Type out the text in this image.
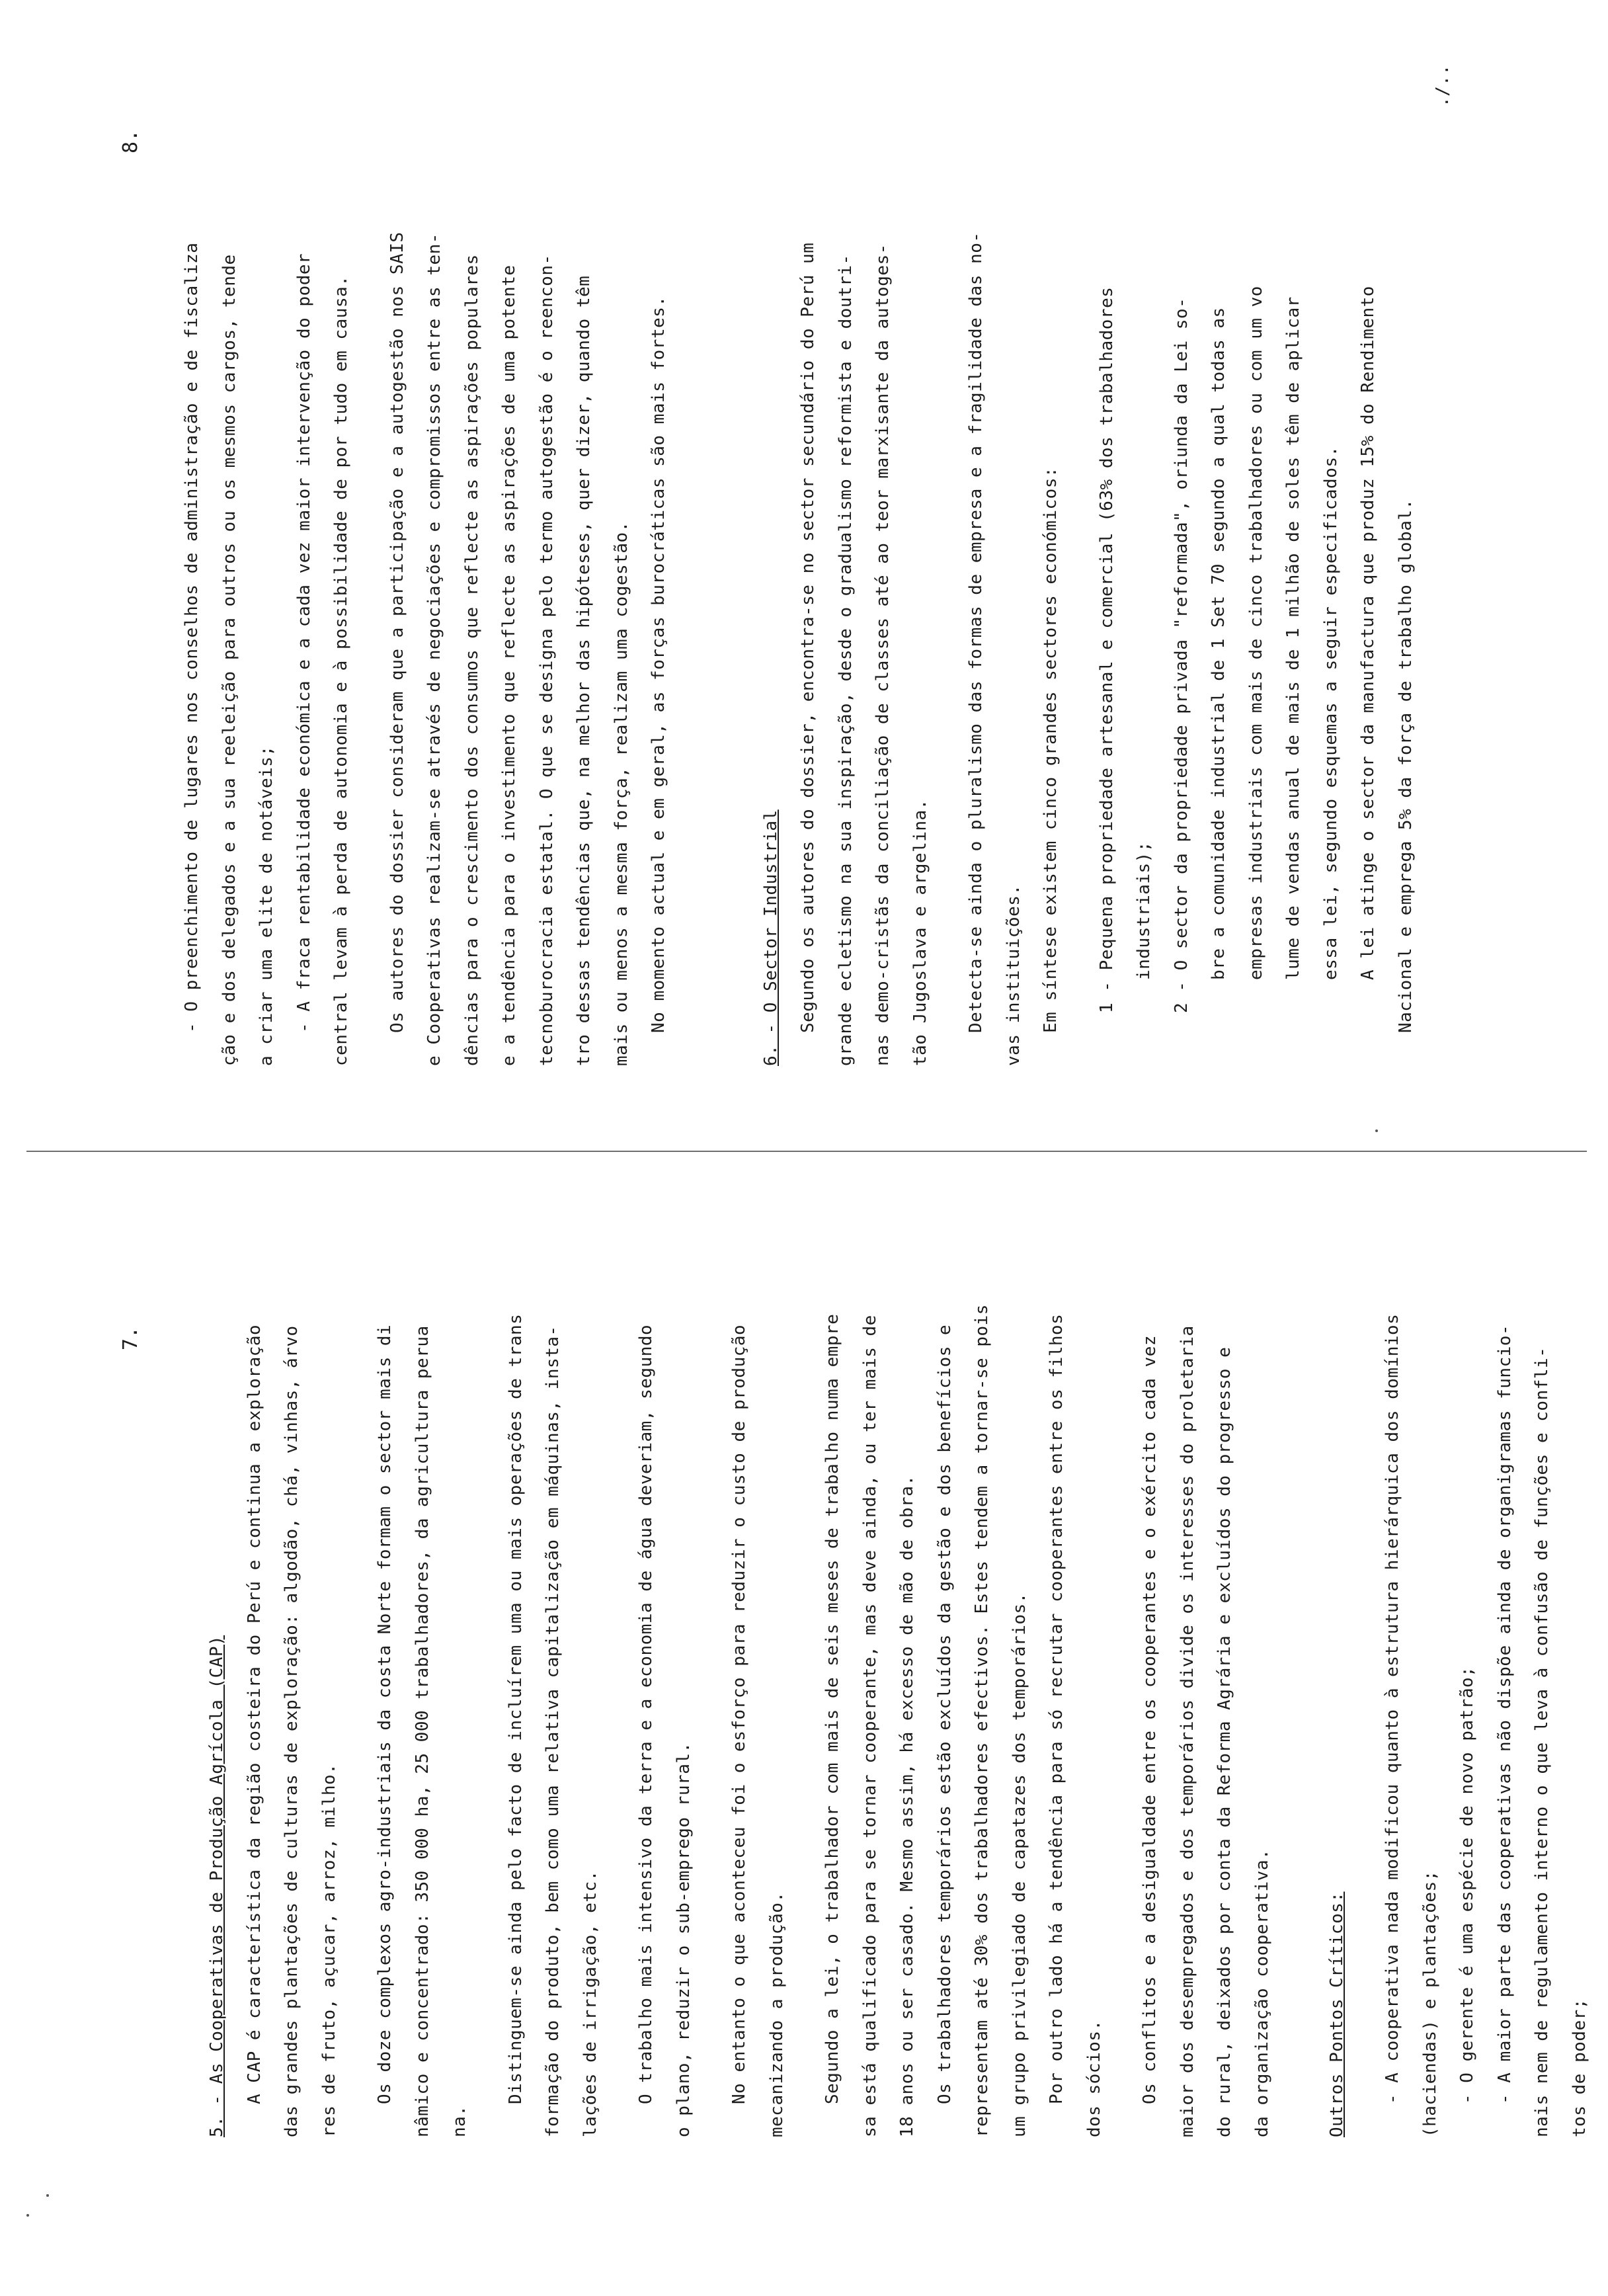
7.
5. - As Cooperativas de Produção Agrícola (CAP)	A CAP é característica da região costeira do Perú e continua a exploração	das grandes plantações de culturas de exploração: algodão, chá, vinhas, árvo	res de fruto, açucar, arroz, milho.	Os doze complexos agro-industriais da costa Norte formam o sector mais di	nâmico e concentrado: 350 000 ha, 25 000 trabalhadores, da agricultura perua	na.
Distinguem-se ainda pelo facto de incluírem uma ou mais operações de trans	formação do produto, bem como uma relativa capitalização em máquinas, insta-	lações de irrigação, etc.	O trabalho mais intensivo da terra e a economia de água deveriam, segundo	o plano, reduzir o sub-emprego rural.	No entanto o que aconteceu foi o esforço para reduzir o custo de produção	mecanizando a produção.	Segundo a lei, o trabalhador com mais de seis meses de trabalho numa empre	sa está qualificado para se tornar cooperante, mas deve ainda, ou ter mais de	18 anos ou ser casado. Mesmo assim, há excesso de mão de obra.	Os trabalhadores temporários estão excluídos da gestão e dos benefícios e	representam até 30% dos trabalhadores efectivos. Estes tendem a tornar-se pois	um grupo privilegiado de capatazes dos temporários.	Por outro lado há a tendência para só recrutar cooperantes entre os filhos	dos sócios.	Os conflitos e a desigualdade entre os cooperantes e o exército cada vez	maior dos desempregados e dos temporários divide os interesses do proletaria	do rural, deixados por conta da Reforma Agrária e excluídos do progresso e	da organização cooperativa.	Outros Pontos Críticos:	- A cooperativa nada modificou quanto à estrutura hierárquica dos domínios	(haciendas) e plantações;	- O gerente é uma espécie de novo patrão;	- A maior parte das cooperativas não dispõe ainda de organigramas funcio-	nais nem de regulamento interno o que leva à confusão de funções e confli-	tos de poder;
8.
- O preenchimento de lugares nos conselhos de administração e de fiscaliza	ção e dos delegados e a sua reeleição para outros ou os mesmos cargos, tende	a criar uma elite de notáveis;	- A fraca rentabilidade económica e a cada vez maior intervenção do poder	central levam à perda de autonomia e à possibilidade de por tudo em causa.	Os autores do dossier consideram que a participação e a autogestão nos SAIS	e Cooperativas realizam-se através de negociações e compromissos entre as ten-	dências para o crescimento dos consumos que reflecte as aspirações populares	e a tendência para o investimento que reflecte as aspirações de uma potente	tecnoburocracia estatal. O que se designa pelo termo autogestão é o reencon-	tro dessas tendências que, na melhor das hipóteses, quer dizer, quando têm	mais ou menos a mesma força, realizam uma cogestão.	No momento actual e em geral, as forças burocráticas são mais fortes.	6. - O Sector Industrial	Segundo os autores do dossier, encontra-se no sector secundário do Perú um	grande ecletismo na sua inspiração, desde o gradualismo reformista e doutri-	nas demo-cristãs da conciliação de classes até ao teor marxisante da autoges-	tão Jugoslava e argelina.	Detecta-se ainda o pluralismo das formas de empresa e a fragilidade das no-	vas instituições.	Em síntese existem cinco grandes sectores económicos:	1 - Pequena propriedade artesanal e comercial (63% dos trabalhadores	industriais);	2 - O sector da propriedade privada "reformada", oriunda da Lei so-	bre a comunidade industrial de 1 Set 70 segundo a qual todas as	empresas industriais com mais de cinco trabalhadores ou com um vo	lume de vendas anual de mais de 1 milhão de soles têm de aplicar	essa lei, segundo esquemas a seguir especificados.	A lei atinge o sector da manufactura que produz 15% do Rendimento	Nacional e emprega 5% da força de trabalho global.
./..
